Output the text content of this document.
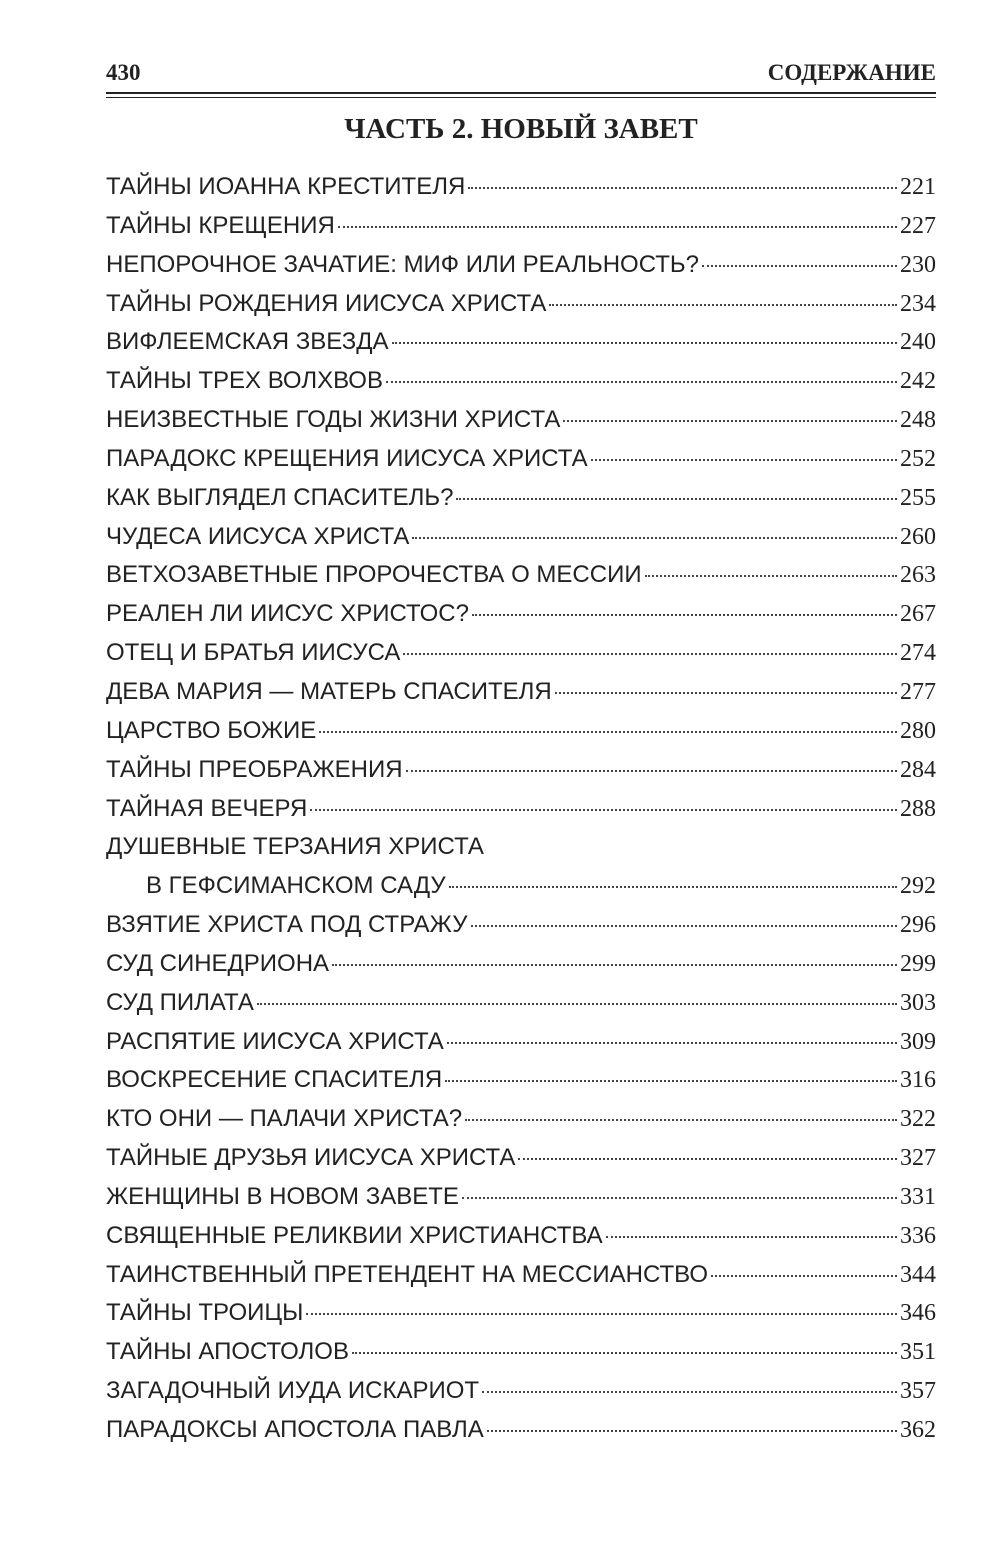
430	СОДЕРЖАНИЕ
ЧАСТЬ 2. НОВЫЙ ЗАВЕТ
ТАЙНЫ ИОАННА КРЕСТИТЕЛЯ	221
ТАЙНЫ КРЕЩЕНИЯ	227
НЕПОРОЧНОЕ ЗАЧАТИЕ: МИФ ИЛИ РЕАЛЬНОСТЬ?	230
ТАЙНЫ РОЖДЕНИЯ ИИСУСА ХРИСТА	234
ВИФЛЕЕМСКАЯ ЗВЕЗДА	240
ТАЙНЫ ТРЕХ ВОЛХВОВ	242
НЕИЗВЕСТНЫЕ ГОДЫ ЖИЗНИ ХРИСТА	248
ПАРАДОКС КРЕЩЕНИЯ ИИСУСА ХРИСТА	252
КАК ВЫГЛЯДЕЛ СПАСИТЕЛЬ?	255
ЧУДЕСА ИИСУСА ХРИСТА	260
ВЕТХОЗАВЕТНЫЕ ПРОРОЧЕСТВА О МЕССИИ	263
РЕАЛЕН ЛИ ИИСУС ХРИСТОС?	267
ОТЕЦ И БРАТЬЯ ИИСУСА	274
ДЕВА МАРИЯ — МАТЕРЬ СПАСИТЕЛЯ	277
ЦАРСТВО БОЖИЕ	280
ТАЙНЫ ПРЕОБРАЖЕНИЯ	284
ТАЙНАЯ ВЕЧЕРЯ	288
ДУШЕВНЫЕ ТЕРЗАНИЯ ХРИСТА
В ГЕФСИМАНСКОМ САДУ	292
ВЗЯТИЕ ХРИСТА ПОД СТРАЖУ	296
СУД СИНЕДРИОНА	299
СУД ПИЛАТА	303
РАСПЯТИЕ ИИСУСА ХРИСТА	309
ВОСКРЕСЕНИЕ СПАСИТЕЛЯ	316
КТО ОНИ — ПАЛАЧИ ХРИСТА?	322
ТАЙНЫЕ ДРУЗЬЯ ИИСУСА ХРИСТА	327
ЖЕНЩИНЫ В НОВОМ ЗАВЕТЕ	331
СВЯЩЕННЫЕ РЕЛИКВИИ ХРИСТИАНСТВА	336
ТАИНСТВЕННЫЙ ПРЕТЕНДЕНТ НА МЕССИАНСТВО	344
ТАЙНЫ ТРОИЦЫ	346
ТАЙНЫ АПОСТОЛОВ	351
ЗАГАДОЧНЫЙ ИУДА ИСКАРИОТ	357
ПАРАДОКСЫ АПОСТОЛА ПАВЛА	362
